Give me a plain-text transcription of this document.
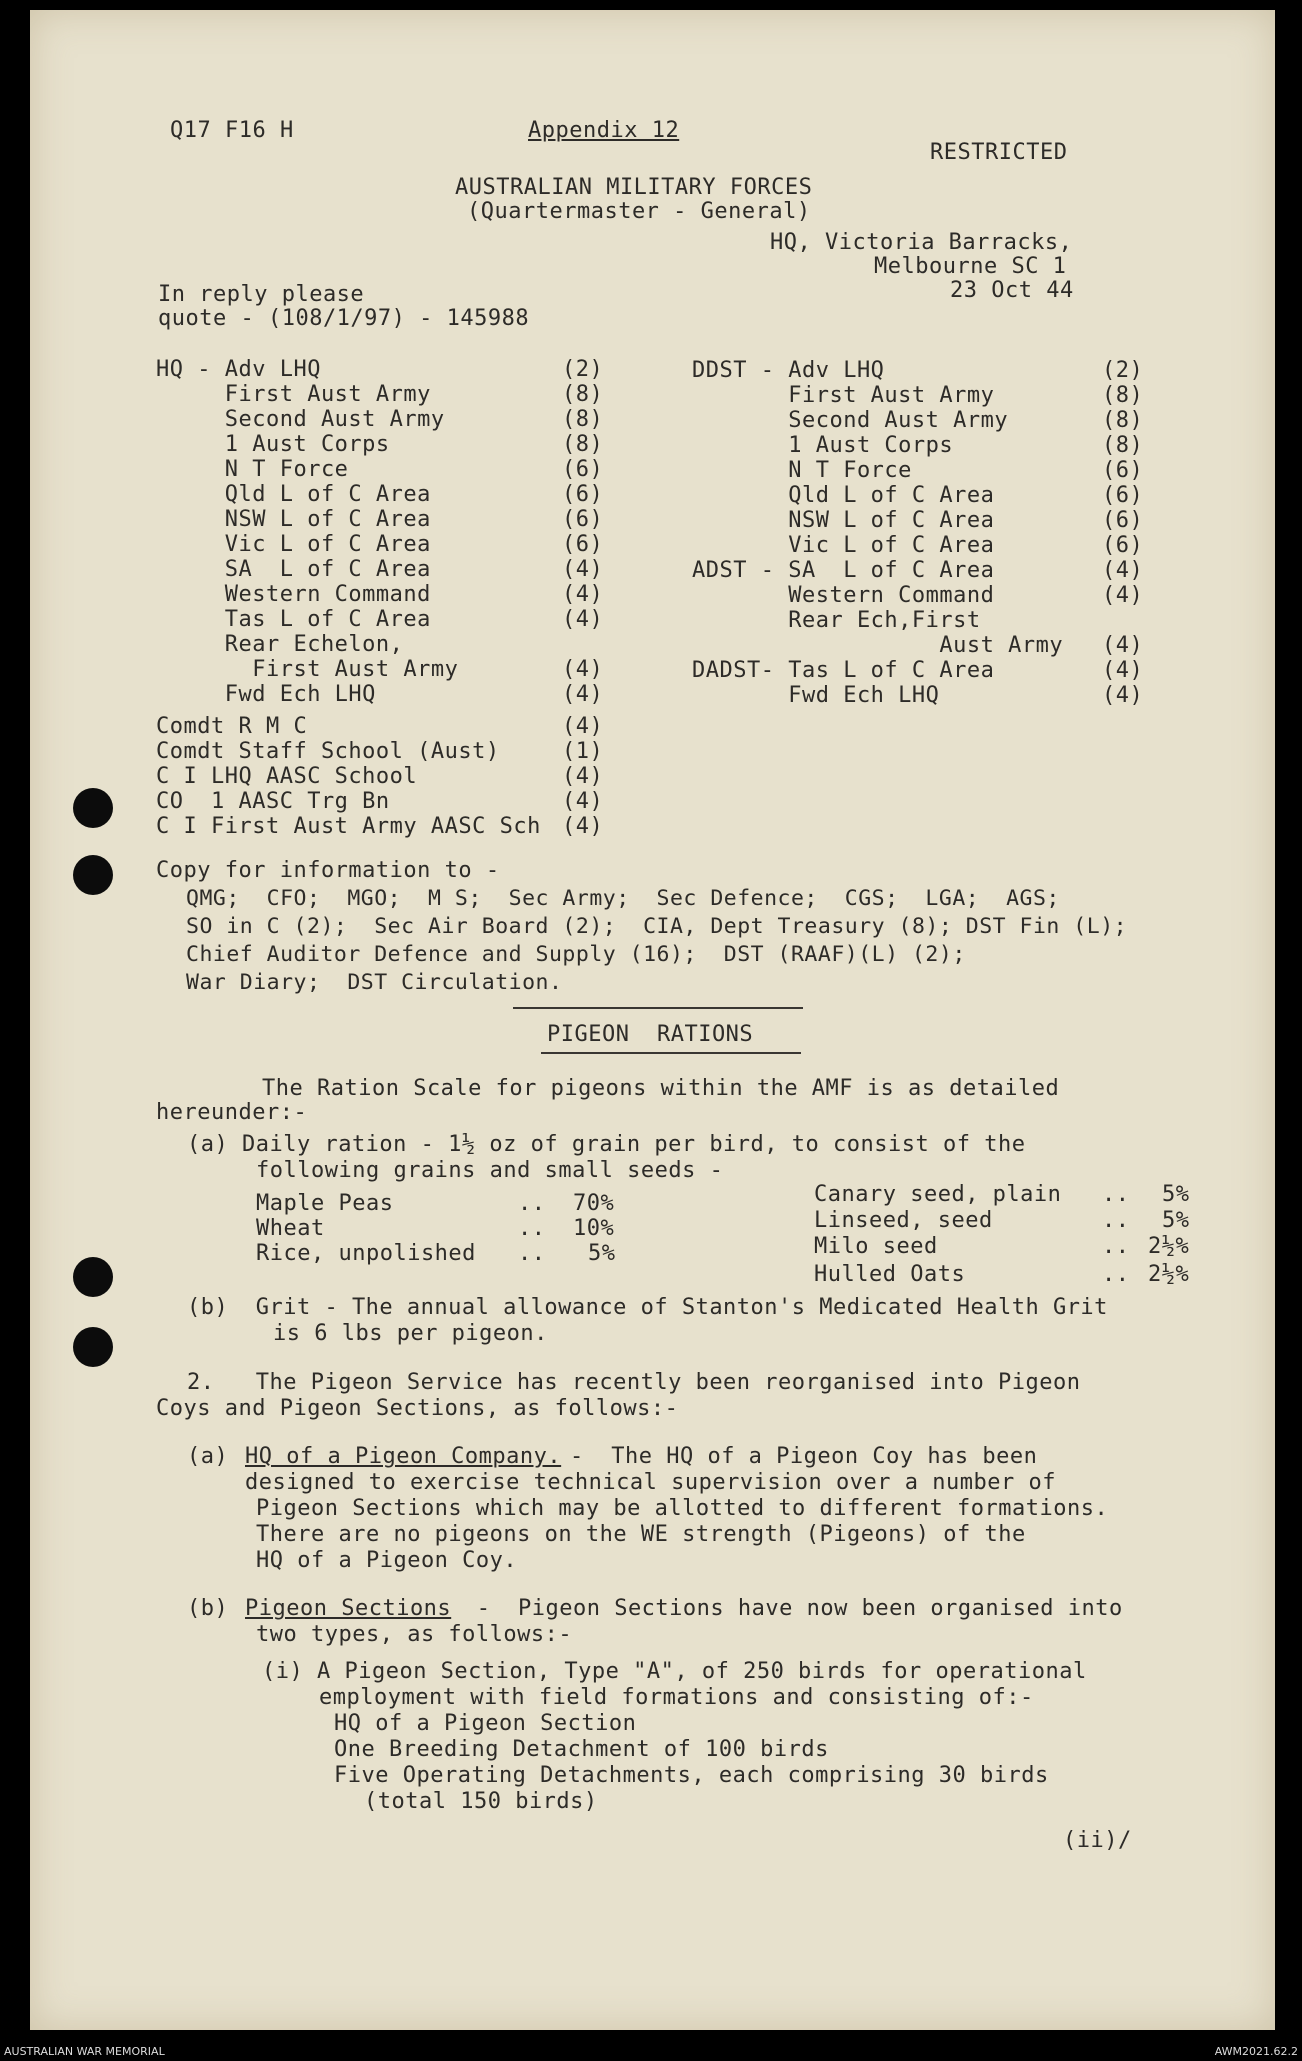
Q17 F16 H	Appendix 12
RESTRICTED
AUSTRALIAN MILITARY FORCES
(Quartermaster - General)
HQ, Victoria Barracks,
Melbourne SC 1
23 Oct 44
In reply please
quote - (108/1/97) - 145988
HQ - Adv LHQ	(2)
First Aust Army	(8)
Second Aust Army	(8)
1 Aust Corps	(8)
N T Force	(6)
Qld L of C Area	(6)
NSW L of C Area	(6)
Vic L of C Area	(6)
SA  L of C Area	(4)
Western Command	(4)
Tas L of C Area	(4)
Rear Echelon,
First Aust Army	(4)
Fwd Ech LHQ	(4)
DDST - Adv LHQ	(2)
First Aust Army	(8)
Second Aust Army	(8)
1 Aust Corps	(8)
N T Force	(6)
Qld L of C Area	(6)
NSW L of C Area	(6)
Vic L of C Area	(6)
ADST - SA  L of C Area	(4)
Western Command	(4)
Rear Ech,First
Aust Army (4)
DADST- Tas L of C Area	(4)
Fwd Ech LHQ	(4)
Comdt R M C	(4)
Comdt Staff School (Aust)	(1)
C I LHQ AASC School	(4)
CO  1 AASC Trg Bn	(4)
C I First Aust Army AASC Sch (4)
Copy for information to -
QMG;  CFO;  MGO;  M S;  Sec Army;  Sec Defence;  CGS;  LGA;  AGS;
SO in C (2);  Sec Air Board (2);  CIA, Dept Treasury (8); DST Fin (L);
Chief Auditor Defence and Supply (16);  DST (RAAF)(L) (2);
War Diary;  DST Circulation.
PIGEON  RATIONS
The Ration Scale for pigeons within the AMF is as detailed
hereunder:-
(a) Daily ration - 1½ oz of grain per bird, to consist of the
following grains and small seeds -
Maple Peas	.. 70%
Wheat	.. 10%
Rice, unpolished .. 5%
Canary seed, plain .. 5%
Linseed, seed	.. 5%
Milo seed	.. 2½%
Hulled Oats	.. 2½%
(b)  Grit - The annual allowance of Stanton's Medicated Health Grit
is 6 lbs per pigeon.
2.   The Pigeon Service has recently been reorganised into Pigeon
Coys and Pigeon Sections, as follows:-
(a) HQ of a Pigeon Company. -  The HQ of a Pigeon Coy has been
designed to exercise technical supervision over a number of
Pigeon Sections which may be allotted to different formations.
There are no pigeons on the WE strength (Pigeons) of the
HQ of a Pigeon Coy.
(b) Pigeon Sections -  Pigeon Sections have now been organised into
two types, as follows:-
(i) A Pigeon Section, Type "A", of 250 birds for operational
employment with field formations and consisting of:-
HQ of a Pigeon Section
One Breeding Detachment of 100 birds
Five Operating Detachments, each comprising 30 birds
(total 150 birds)
(ii)/
AUSTRALIAN WAR MEMORIAL	AWM2021.62.2
